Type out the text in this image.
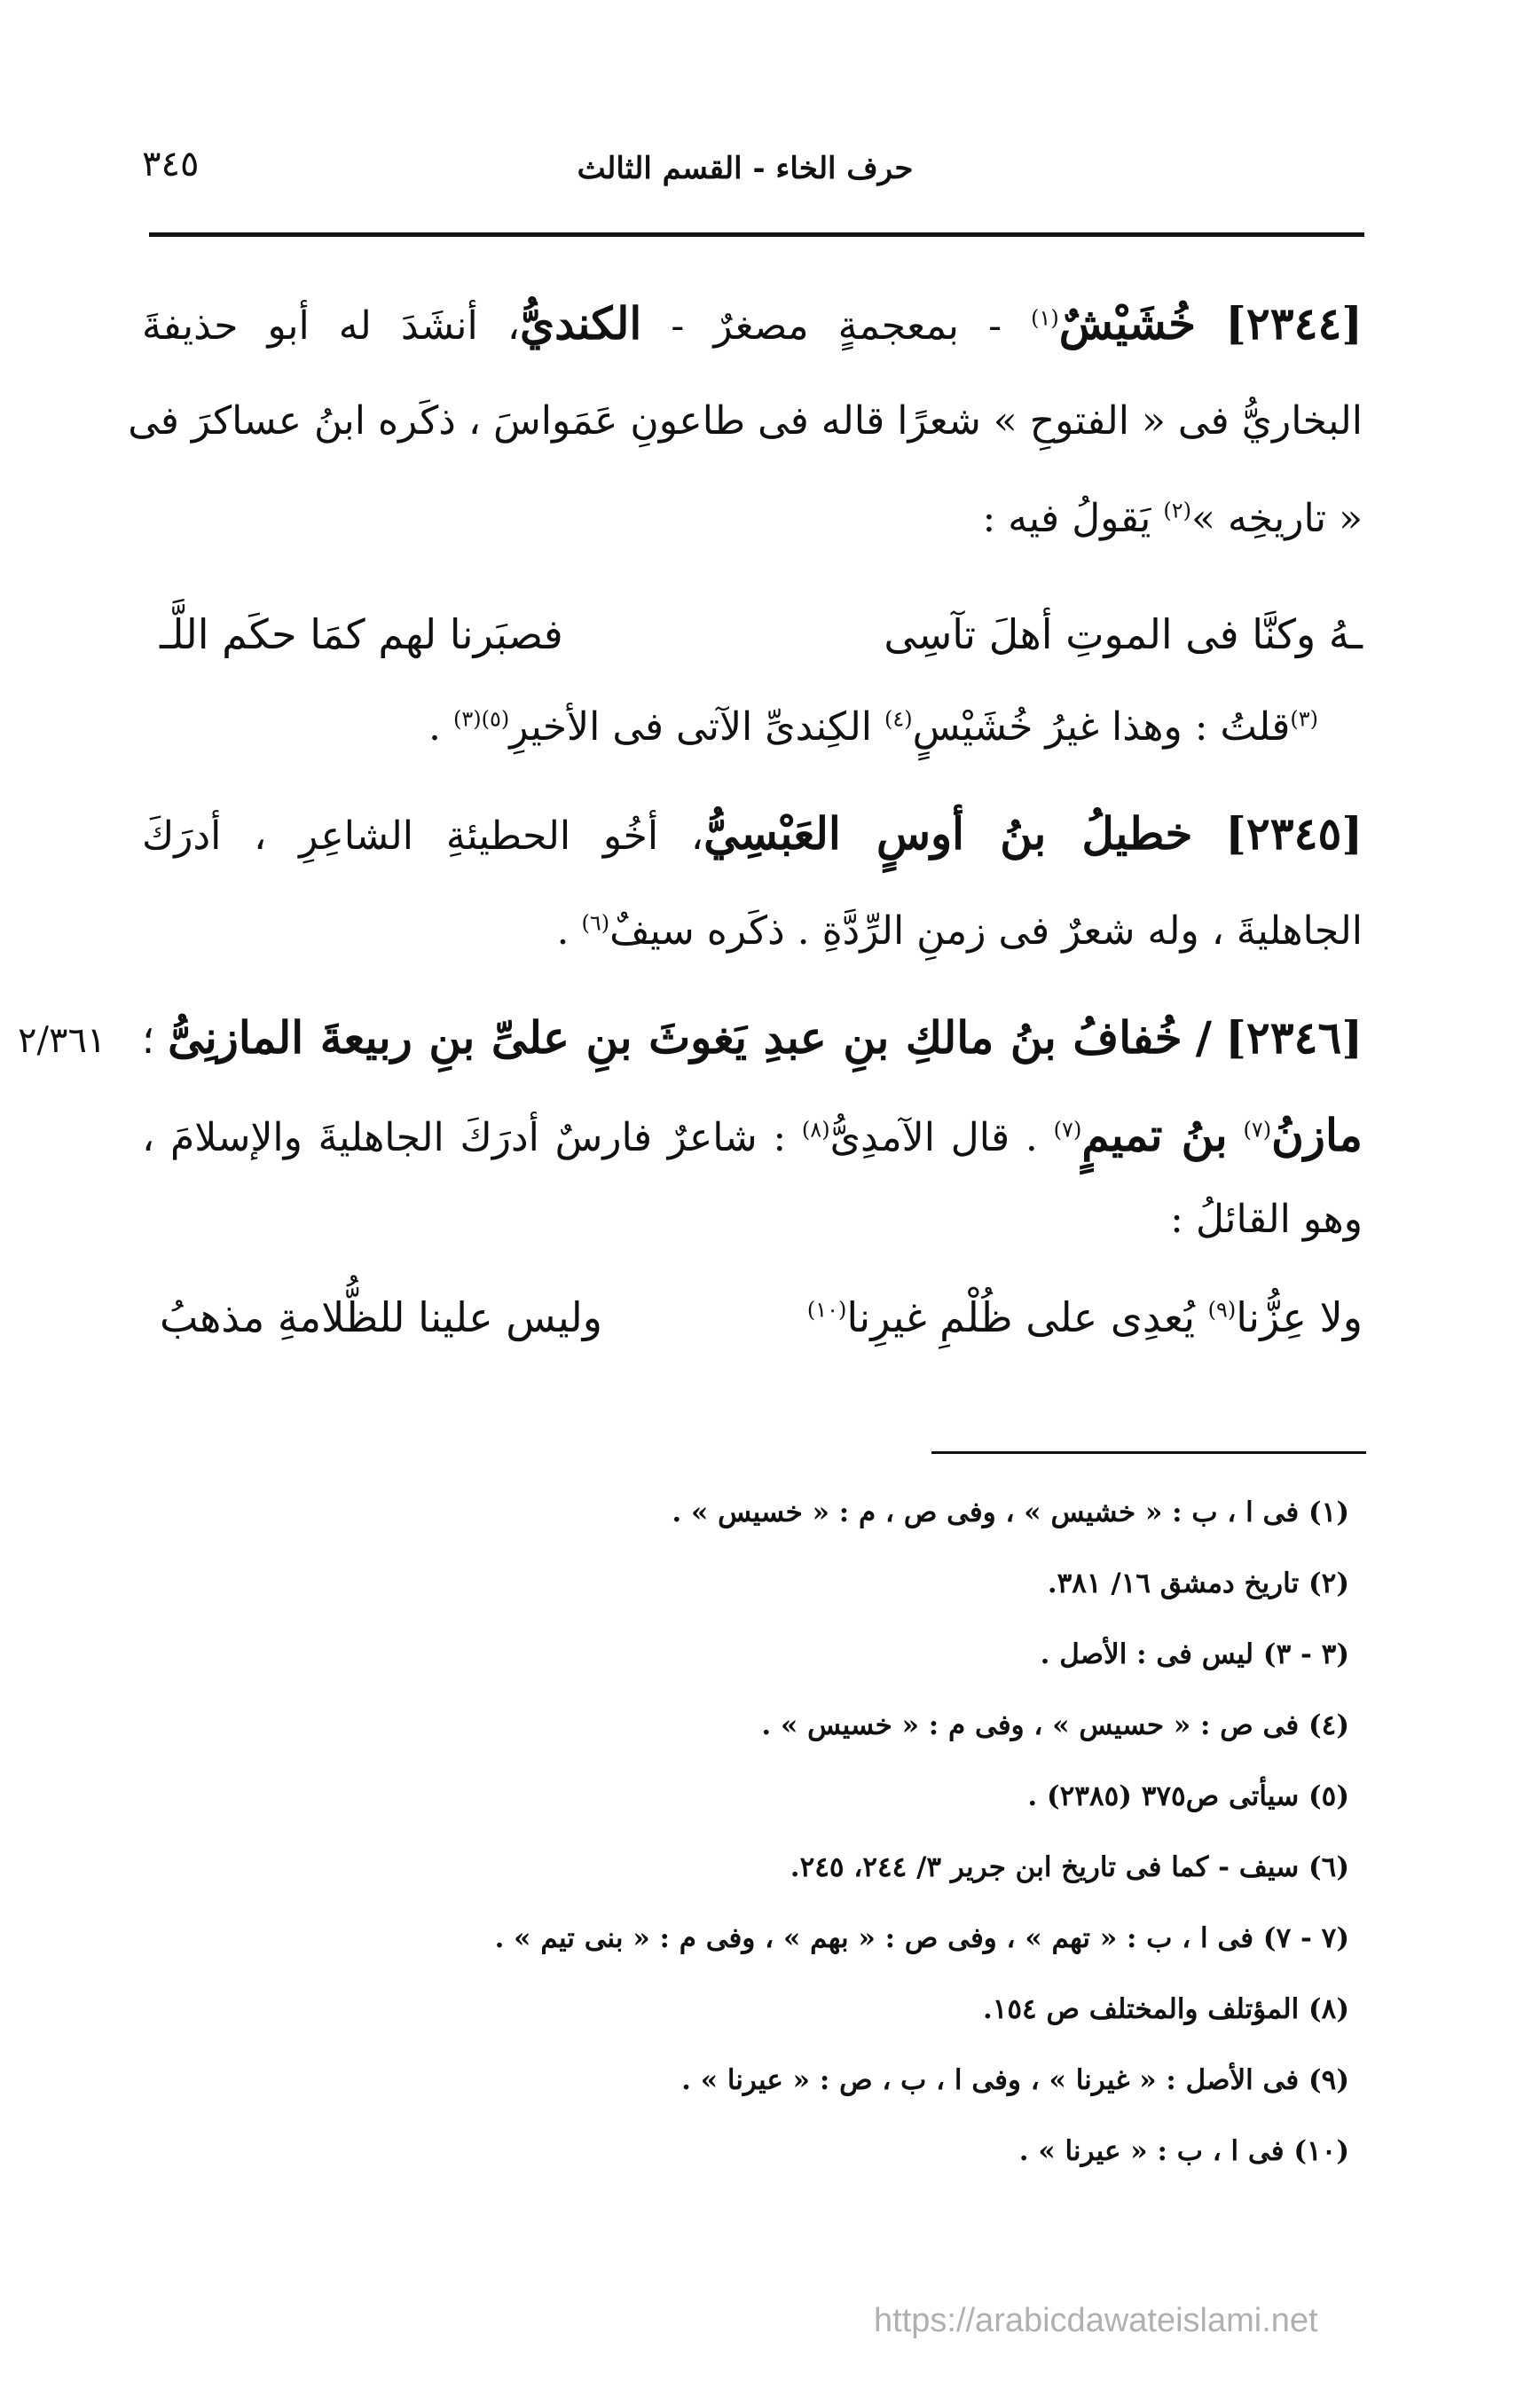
٣٤٥	حرف الخاء - القسم الثالث
[٢٣٤٤] خُشَيْشٌ$^{(١)}$ - بمعجمةٍ مصغرٌ - الكنديُّ، أنشَدَ له أبو حذيفةَ
البخاريُّ فى « الفتوحِ » شعرًا قاله فى طاعونِ عَمَواسَ ، ذكَره ابنُ عساكرَ فى
« تاريخِه »$^{(٢)}$ يَقولُ فيه :
ـهُ وكنَّا فى الموتِ أهلَ تآسِى
فصبَرنا لهم كمَا حكَم اللَّـ
$^{(٣)}$قلتُ : وهذا غيرُ خُشَيْسٍ$^{(٤)}$ الكِندىِّ الآتى فى الأخيرِ$^{(٥)(٣)}$ .
[٢٣٤٥] خطيلُ بنُ أوسٍ العَبْسِيُّ، أخُو الحطيئةِ الشاعِرِ ، أدرَكَ
الجاهليةَ ، وله شعرٌ فى زمنِ الرِّدَّةِ . ذكَره سيفٌ$^{(٦)}$ .
٢/٣٦١	[٢٣٤٦] / خُفافُ بنُ مالكِ بنِ عبدِ يَغوثَ بنِ علىِّ بنِ ربيعةَ المازنِىُّ ؛
مازنُ$^{(٧)}$ بنُ تميمٍ$^{(٧)}$ . قال الآمدِىُّ$^{(٨)}$ : شاعرٌ فارسٌ أدرَكَ الجاهليةَ والإسلامَ ،
وهو القائلُ :
ولا عِزُّنا$^{(٩)}$ يُعدِى على ظُلْمِ غيرِنا$^{(١٠)}$
وليس علينا للظُّلامةِ مذهبُ
(١) فى ا ، ب : « خشيس » ، وفى ص ، م : « خسيس » .
(٢) تاريخ دمشق ١٦/ ٣٨١.
(٣ - ٣) ليس فى : الأصل .
(٤) فى ص : « حسيس » ، وفى م : « خسيس » .
(٥) سيأتى ص٣٧٥ (٢٣٨٥) .
(٦) سيف - كما فى تاريخ ابن جرير ٣/ ٢٤٤، ٢٤٥.
(٧ - ٧) فى ا ، ب : « تهم » ، وفى ص : « بهم » ، وفى م : « بنى تيم » .
(٨) المؤتلف والمختلف ص ١٥٤.
(٩) فى الأصل : « غيرنا » ، وفى ا ، ب ، ص : « عيرنا » .
(١٠) فى ا ، ب : « عيرنا » .
https://arabicdawateislami.net
